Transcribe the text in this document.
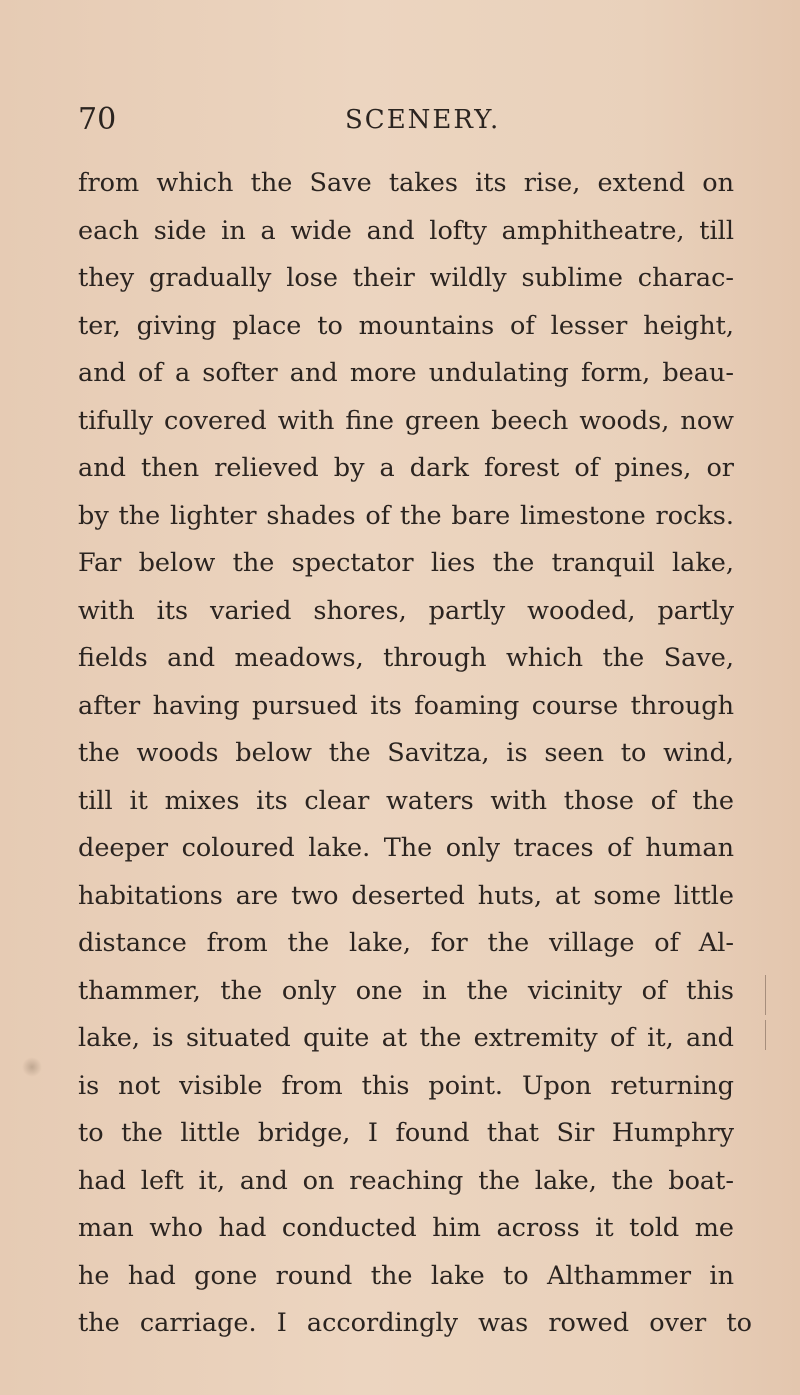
70	SCENERY.
from which the Save takes its rise, extend on
each side in a wide and lofty amphitheatre, till
they gradually lose their wildly sublime charac-
ter, giving place to mountains of lesser height,
and of a softer and more undulating form, beau-
tifully covered with fine green beech woods, now
and then relieved by a dark forest of pines, or
by the lighter shades of the bare limestone rocks.
Far below the spectator lies the tranquil lake,
with its varied shores, partly wooded, partly
fields and meadows, through which the Save,
after having pursued its foaming course through
the woods below the Savitza, is seen to wind,
till it mixes its clear waters with those of the
deeper coloured lake. The only traces of human
habitations are two deserted huts, at some little
distance from the lake, for the village of Al-
thammer, the only one in the vicinity of this
lake, is situated quite at the extremity of it, and
is not visible from this point. Upon returning
to the little bridge, I found that Sir Humphry
had left it, and on reaching the lake, the boat-
man who had conducted him across it told me
he had gone round the lake to Althammer in
the carriage. I accordingly was rowed over to
